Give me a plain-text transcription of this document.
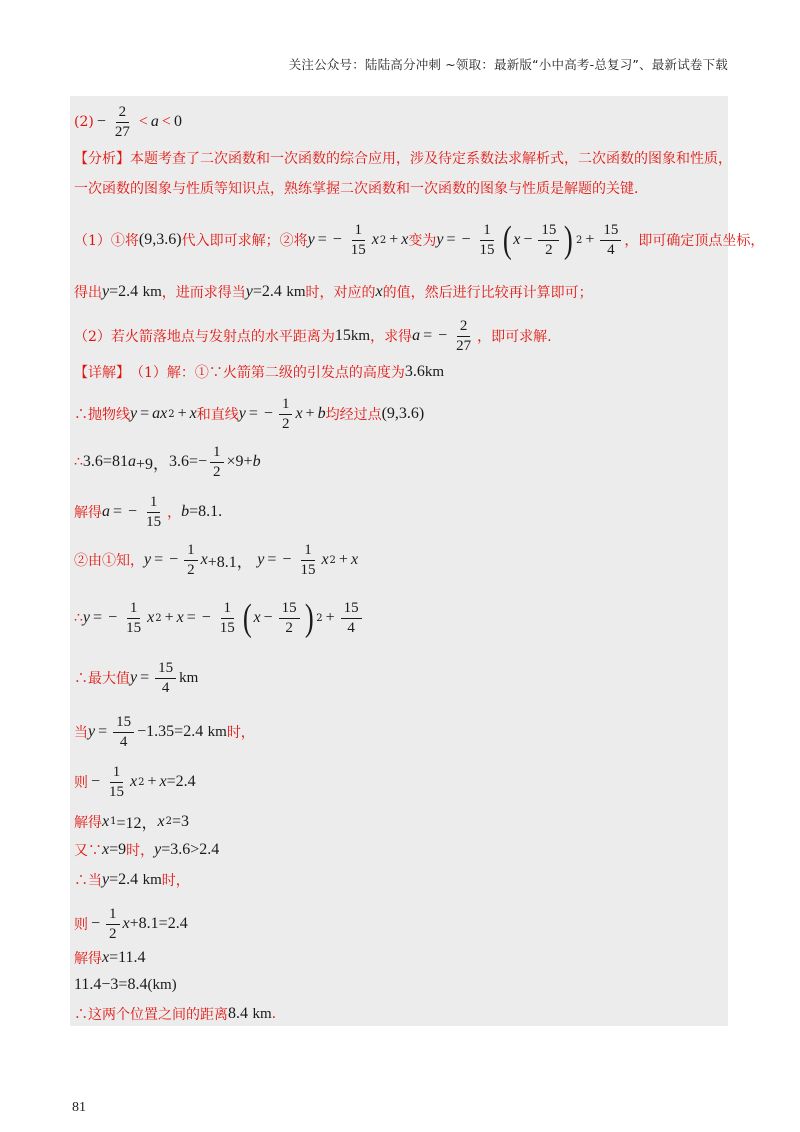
关注公众号：陆陆高分冲刺 ~领取：最新版“小中高考-总复习”、最新试卷下载
$(2) - \frac{2}{27} < a < 0$
【分析】本题考查了二次函数和一次函数的综合应用，涉及待定系数法求解析式，二次函数的图象和性质，
一次函数的图象与性质等知识点，熟练掌握二次函数和一次函数的图象与性质是解题的关键.
（1）①将 (9,3.6) 代入即可求解；②将 y = − $\frac{1}{15}$ x 2 + x 变为 y = − $\frac{1}{15}$ ( $x - \frac{15}{2}$ ) $2 + \frac{15}{4}$ ，即可确定顶点坐标，
得出 y =2.4
km ，进而求得当 y =2.4
km 时，对应的 x 的值，然后进行比较再计算即可；
（2）若火箭落地点与发射点的水平距离为 15 km ，求得 a = − $\frac{2}{27}$ ，即可求解.
【详解】 （1）解：①∵火箭第二级的引发点的高度为 3.6 km
∴抛物线 y = a x 2 + x 和直线 y = − $\frac{1}{2}$ x + b 均经过点 (9,3.6)
∴ 3.6=81 a +9， $3.6=- \frac{1}{2} \times 9+ b$
解得 a = − $\frac{1}{15}$ ， b =8.1.
②由①知， y = − $\frac{1}{2}$ x +8.1，
y = − $\frac{1}{15}$ x 2 + x
∴ y = − $\frac{1}{15}$ x 2 + x = − $\frac{1}{15}$ ( $x - \frac{15}{2}$ ) $2 + \frac{15}{4}$
∴最大值 $y = \frac{15}{4}$ km
当 $y = \frac{15}{4} -1.35=2.4$
km 时，
则 − $\frac{1}{15}$ x 2 + x =2.4
解得 x 1 =12， x 2 =3
又∵ x =9 时， y =3.6>2.4
∴当 y =2.4
km 时，
则 − $\frac{1}{2}$ x +8.1=2.4
解得 x =11.4
11.4−3=8.4 (km)
∴这两个位置之间的距离 8.4
km .
81
